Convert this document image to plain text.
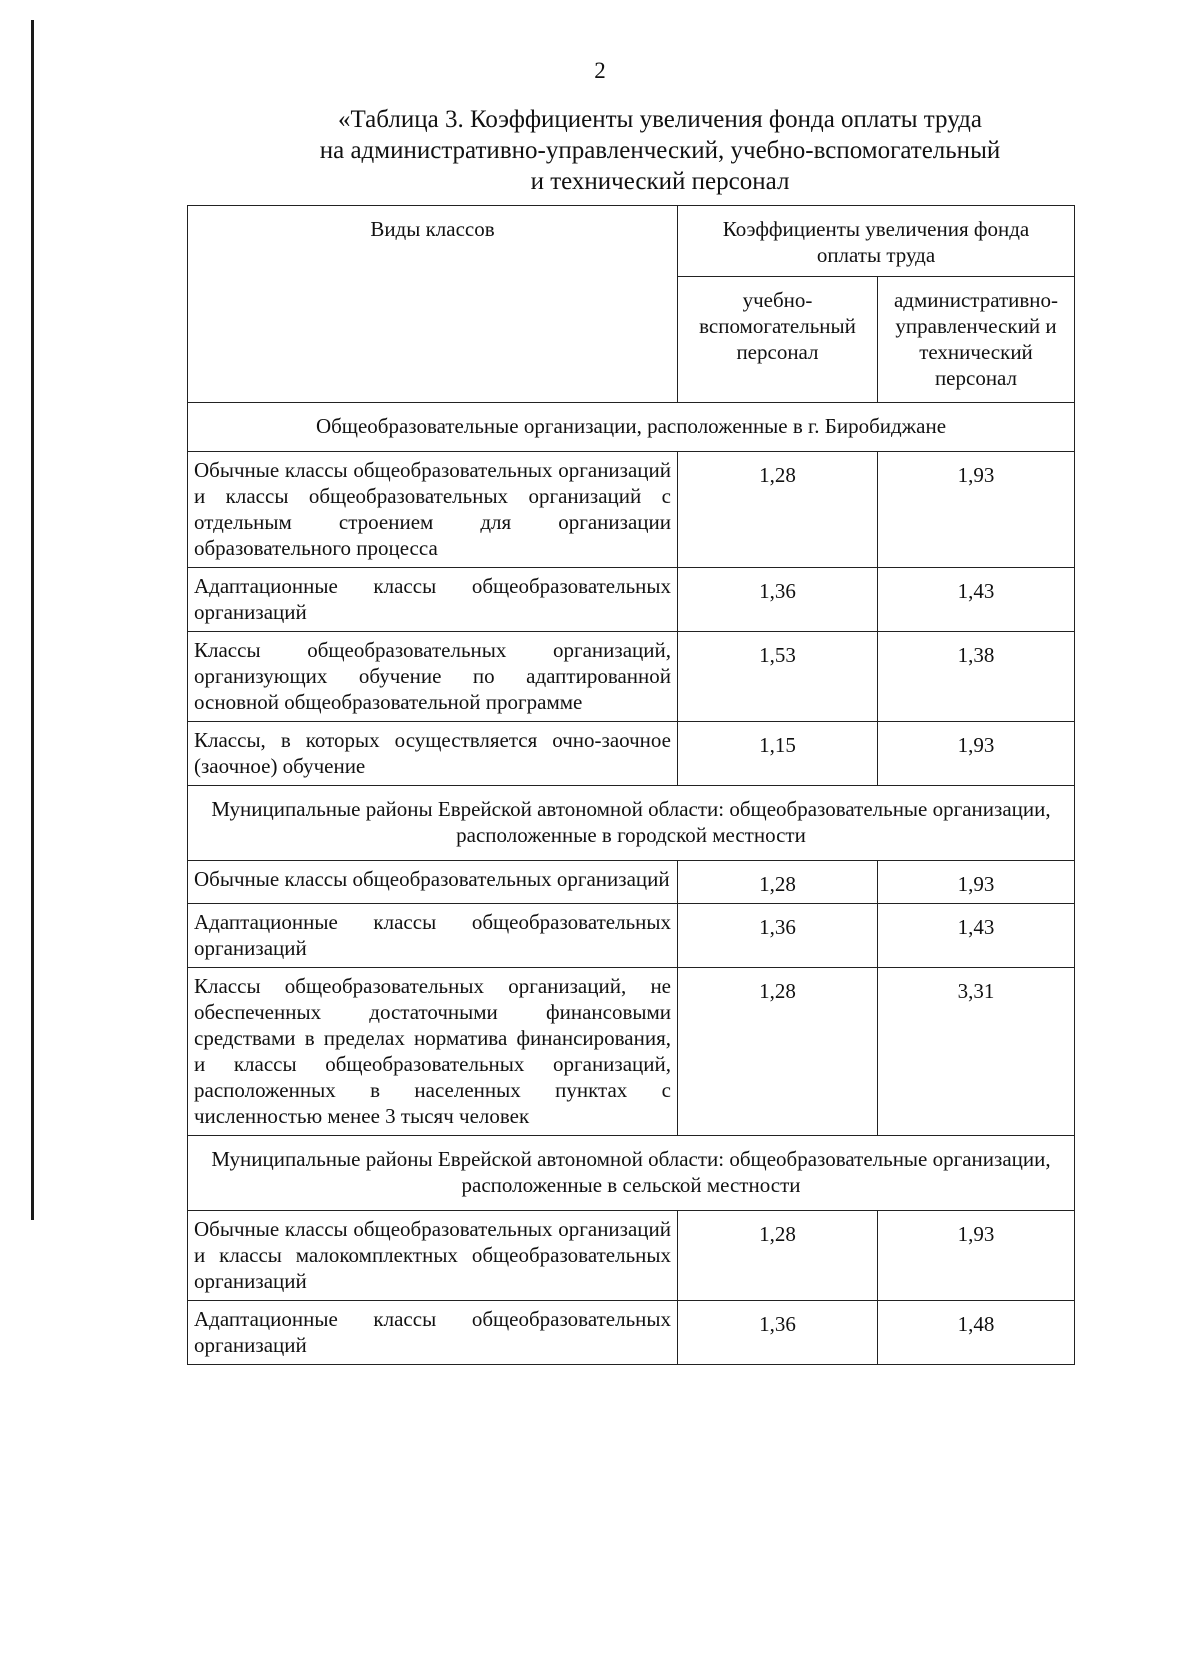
2
«Таблица 3. Коэффициенты увеличения фонда оплаты труда
на административно-управленческий, учебно-вспомогательный
и технический персонал
Виды классов	Коэффициенты увеличения фонда оплаты труда	
	учебно-вспомогательный персонал	административно-управленческий и технический персонал
Общеобразовательные организации, расположенные в г. Биробиджане		
Обычные классы общеобразовательных организаций и классы общеобразовательных организаций с отдельным строением для организации образовательного процесса	1,28	1,93
Адаптационные классы общеобразовательных организаций	1,36	1,43
Классы общеобразовательных организаций, организующих обучение по адаптированной основной общеобразовательной программе	1,53	1,38
Классы, в которых осуществляется очно-заочное (заочное) обучение	1,15	1,93
Муниципальные районы Еврейской автономной области: общеобразовательные организации, расположенные в городской местности		
Обычные классы общеобразовательных организаций	1,28	1,93
Адаптационные классы общеобразовательных организаций	1,36	1,43
Классы общеобразовательных организаций, не обеспеченных достаточными финансовыми средствами в пределах норматива финансирования, и классы общеобразовательных организаций, расположенных в населенных пунктах с численностью менее 3 тысяч человек	1,28	3,31
Муниципальные районы Еврейской автономной области: общеобразовательные организации, расположенные в сельской местности		
Обычные классы общеобразовательных организаций и классы малокомплектных общеобразовательных организаций	1,28	1,93
Адаптационные классы общеобразовательных организаций	1,36	1,48
